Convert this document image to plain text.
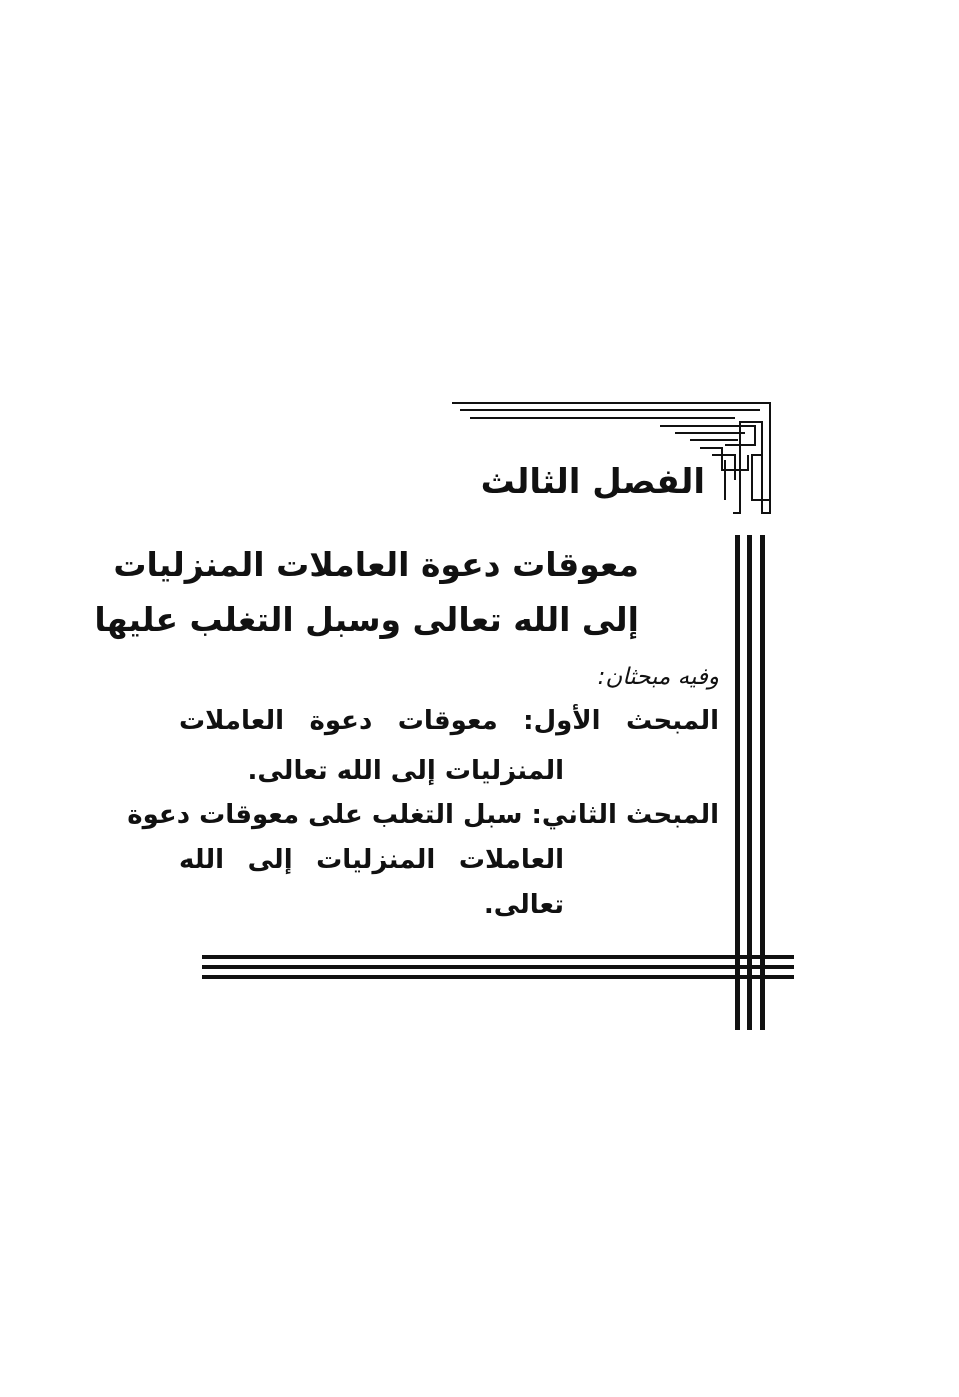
الفصل الثالث
معوقات دعوة العاملات المنزليات
إلى الله تعالى وسبل التغلب عليها
وفيه مبحثان:
المبحث الأول: معوقات دعوة العاملات
المنزليات إلى الله تعالى.
المبحث الثاني: سبل التغلب على معوقات دعوة
العاملات المنزليات إلى الله
تعالى.
